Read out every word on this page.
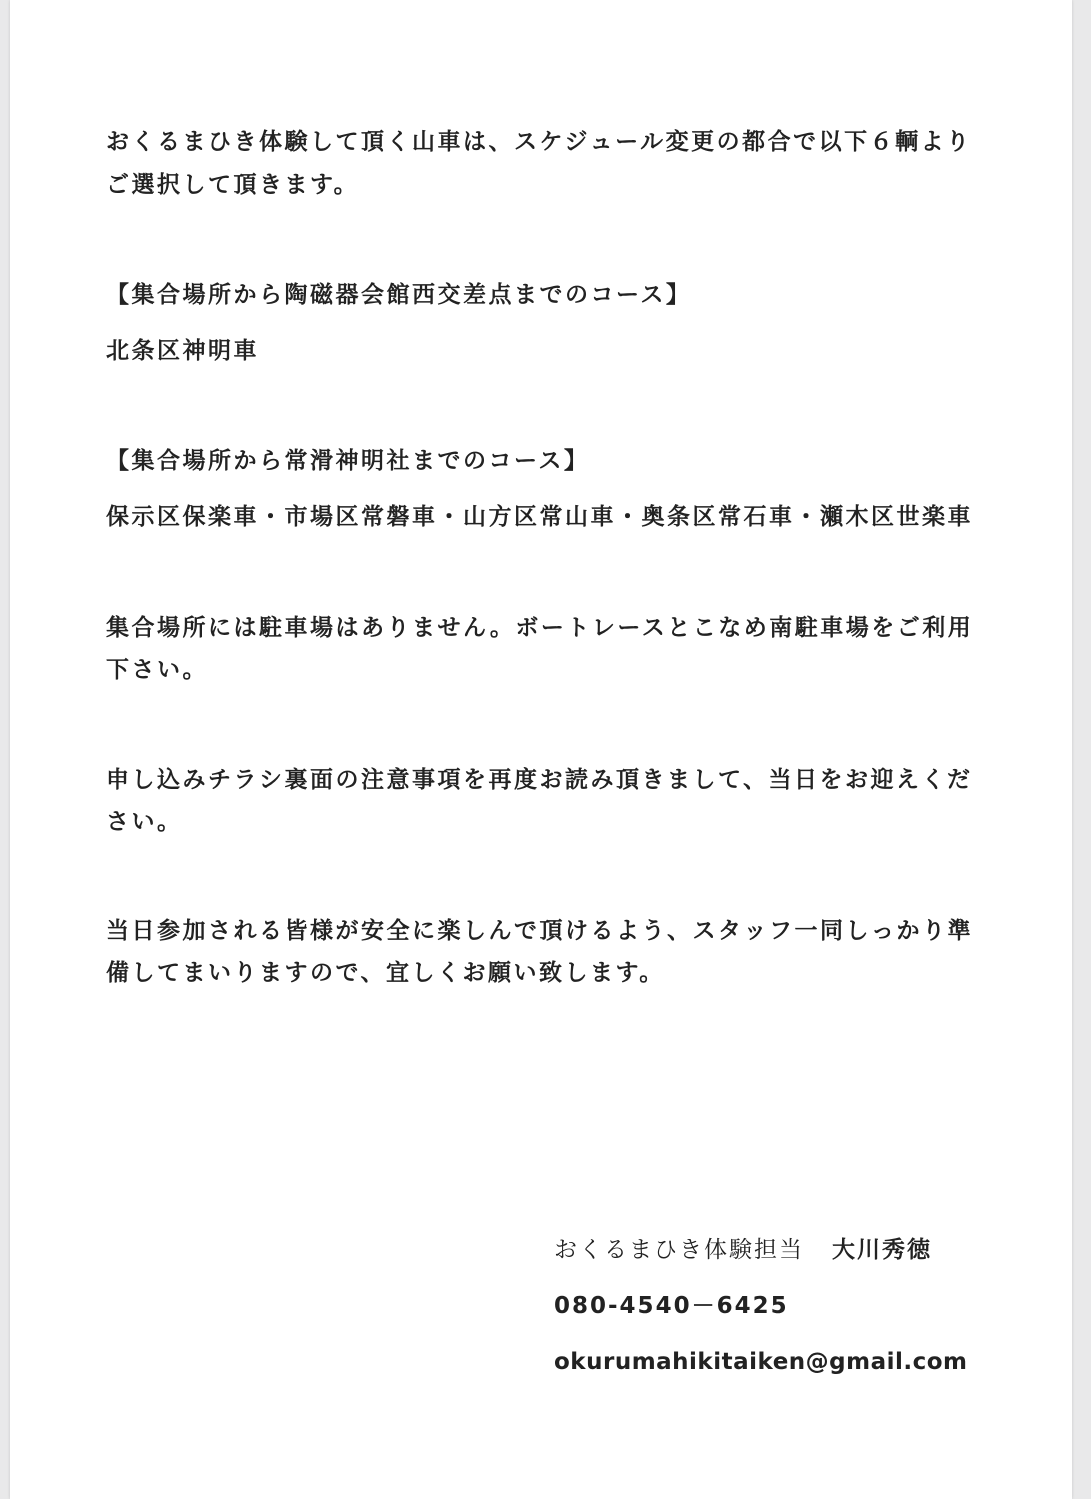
おくるまひき体験して頂く山車は、スケジュール変更の都合で以下６輌より

ご選択して頂きます。

【集合場所から陶磁器会館西交差点までのコース】

北条区神明車

【集合場所から常滑神明社までのコース】

保示区保楽車・市場区常磐車・山方区常山車・奥条区常石車・瀬木区世楽車

集合場所には駐車場はありません。ボートレースとこなめ南駐車場をご利用

下さい。

申し込みチラシ裏面の注意事項を再度お読み頂きまして、当日をお迎えくだ

さい。

当日参加される皆様が安全に楽しんで頂けるよう、スタッフ一同しっかり準

備してまいりますので、宜しくお願い致します。

おくるまひき体験担当 大川秀徳

080-4540－6425

okurumahikitaiken@gmail.com
